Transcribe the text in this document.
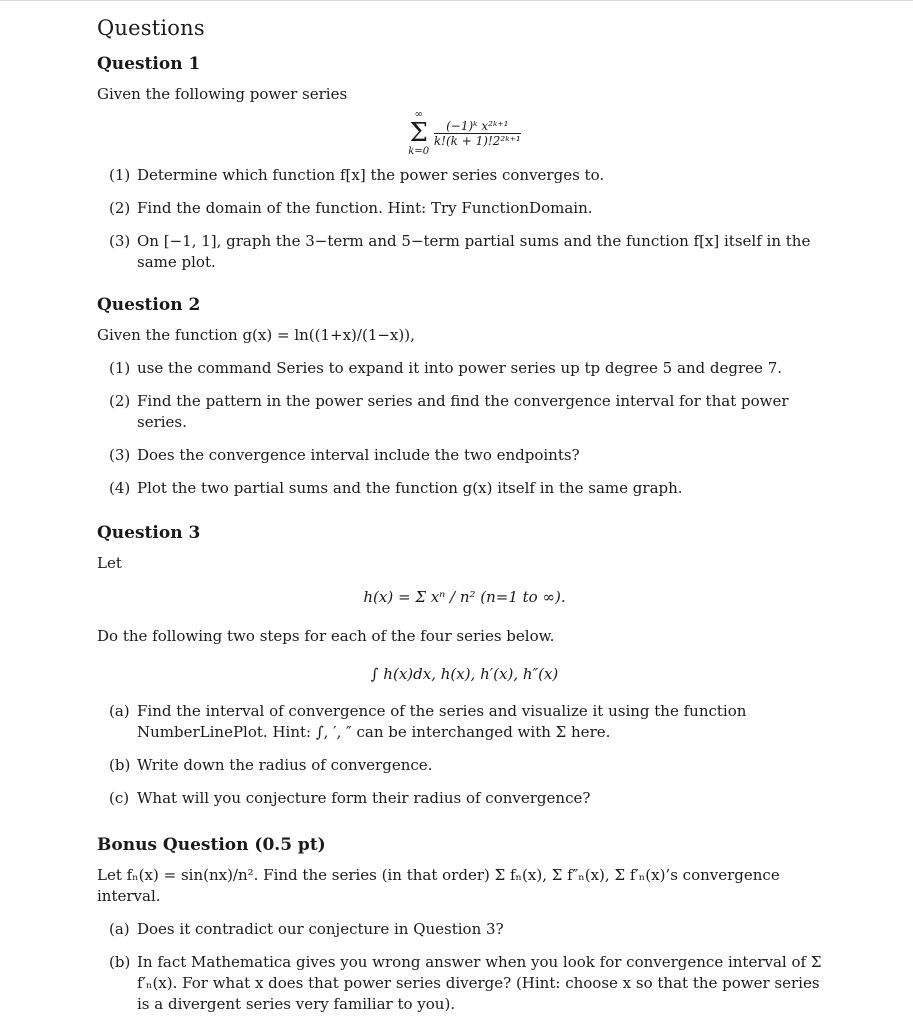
Questions
Question 1

Given the following power series

∞
Σ
k=0

$\frac{\text{(−1)ᵏ x²ᵏ⁺¹}}{\text{k!(k + 1)!2²ᵏ⁺¹}}$
(1) Determine which function f[x] the power series converges to.
(2) Find the domain of the function. Hint: Try FunctionDomain.
(3) On [−1, 1], graph the 3−term and 5−term partial sums and the function f[x] itself in the same plot.
Question 2

Given the function g(x) = ln((1+x)/(1−x)),

(1) use the command Series to expand it into power series up tp degree 5 and degree 7.
(2) Find the pattern in the power series and find the convergence interval for that power series.
(3) Does the convergence interval include the two endpoints?
(4) Plot the two partial sums and the function g(x) itself in the same graph.
Question 3

Let

h(x) = Σ xⁿ / n² (n=1 to ∞).

Do the following two steps for each of the four series below.

∫ h(x)dx, h(x), h′(x), h″(x)
(a) Find the interval of convergence of the series and visualize it using the function NumberLinePlot. Hint: ∫, ′, ″ can be interchanged with Σ here.
(b) Write down the radius of convergence.
(c) What will you conjecture form their radius of convergence?
Bonus Question (0.5 pt)

Let fₙ(x) = sin(nx)/n². Find the series (in that order) Σ fₙ(x), Σ f″ₙ(x), Σ f′ₙ(x)’s convergence interval.

(a) Does it contradict our conjecture in Question 3?
(b) In fact Mathematica gives you wrong answer when you look for convergence interval of Σ f′ₙ(x). For what x does that power series diverge? (Hint: choose x so that the power series is a divergent series very familiar to you).
